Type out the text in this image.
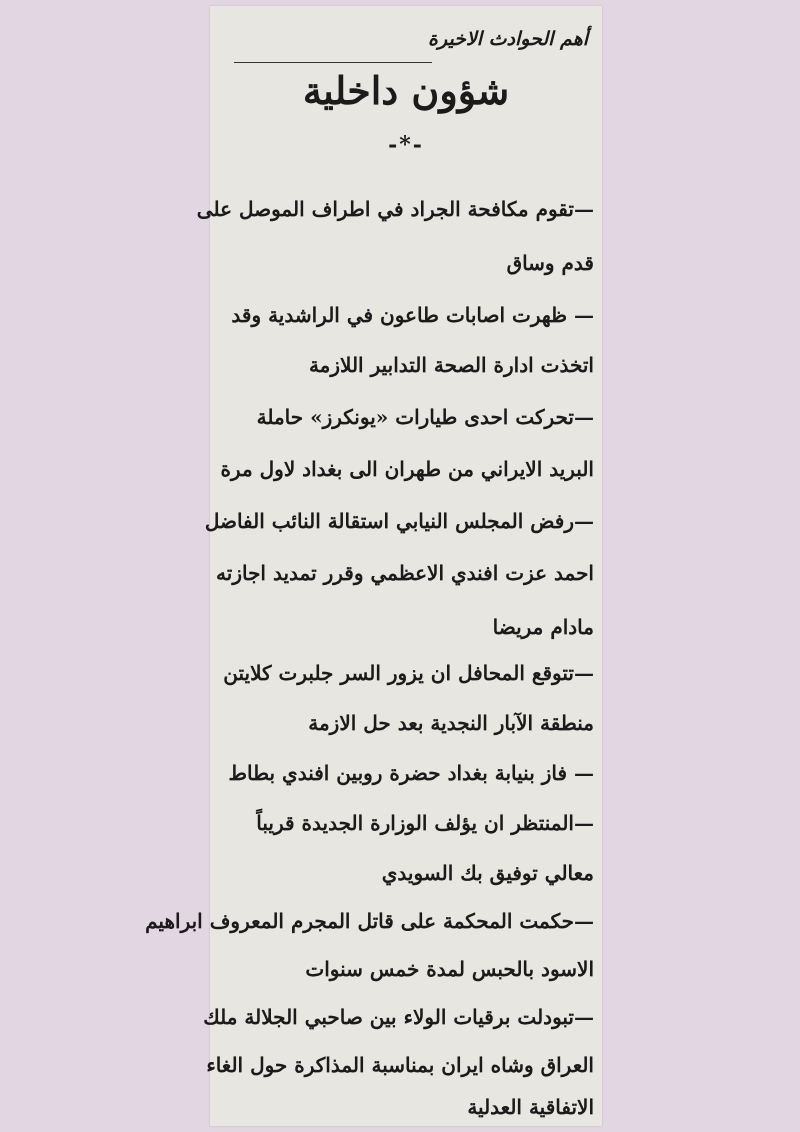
أهم الحوادث الاخيرة
شؤون داخلية
-*-
—تقوم مكافحة الجراد في اطراف الموصل على
قدم وساق
— ظهرت اصابات طاعون في الراشدية وقد
اتخذت ادارة الصحة التدابير اللازمة
—تحركت احدى طيارات «يونكرز» حاملة
البريد الايراني من طهران الى بغداد لاول مرة
—رفض المجلس النيابي استقالة النائب الفاضل
احمد عزت افندي الاعظمي وقرر تمديد اجازته
مادام مريضا
—تتوقع المحافل ان يزور السر جلبرت كلايتن
منطقة الآبار النجدية بعد حل الازمة
— فاز بنيابة بغداد حضرة روبين افندي بطاط
—المنتظر ان يؤلف الوزارة الجديدة قريباً
معالي توفيق بك السويدي
—حكمت المحكمة على قاتل المجرم المعروف ابراهيم
الاسود بالحبس لمدة خمس سنوات
—تبودلت برقيات الولاء بين صاحبي الجلالة ملك
العراق وشاه ايران بمناسبة المذاكرة حول الغاء
الاتفاقية العدلية
